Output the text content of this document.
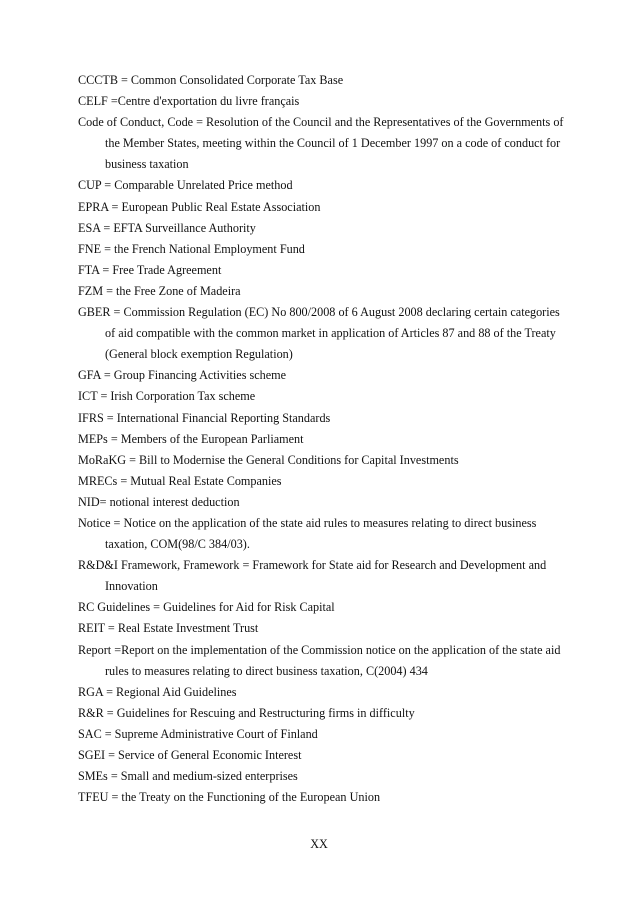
CCCTB = Common Consolidated Corporate Tax Base
CELF =Centre d'exportation du livre français
Code of Conduct, Code = Resolution of the Council and the Representatives of the Governments of the Member States, meeting within the Council of 1 December 1997 on a code of conduct for business taxation
CUP = Comparable Unrelated Price method
EPRA = European Public Real Estate Association
ESA = EFTA Surveillance Authority
FNE = the French National Employment Fund
FTA = Free Trade Agreement
FZM = the Free Zone of Madeira
GBER = Commission Regulation (EC) No 800/2008 of 6 August 2008 declaring certain categories of aid compatible with the common market in application of Articles 87 and 88 of the Treaty (General block exemption Regulation)
GFA = Group Financing Activities scheme
ICT = Irish Corporation Tax scheme
IFRS = International Financial Reporting Standards
MEPs = Members of the European Parliament
MoRaKG = Bill to Modernise the General Conditions for Capital Investments
MRECs = Mutual Real Estate Companies
NID= notional interest deduction
Notice = Notice on the application of the state aid rules to measures relating to direct business taxation, COM(98/C 384/03).
R&D&I Framework, Framework = Framework for State aid for Research and Development and Innovation
RC Guidelines = Guidelines for Aid for Risk Capital
REIT = Real Estate Investment Trust
Report =Report on the implementation of the Commission notice on the application of the state aid rules to measures relating to direct business taxation, C(2004) 434
RGA = Regional Aid Guidelines
R&R = Guidelines for Rescuing and Restructuring firms in difficulty
SAC = Supreme Administrative Court of Finland
SGEI = Service of General Economic Interest
SMEs = Small and medium-sized enterprises
TFEU = the Treaty on the Functioning of the European Union
XX
